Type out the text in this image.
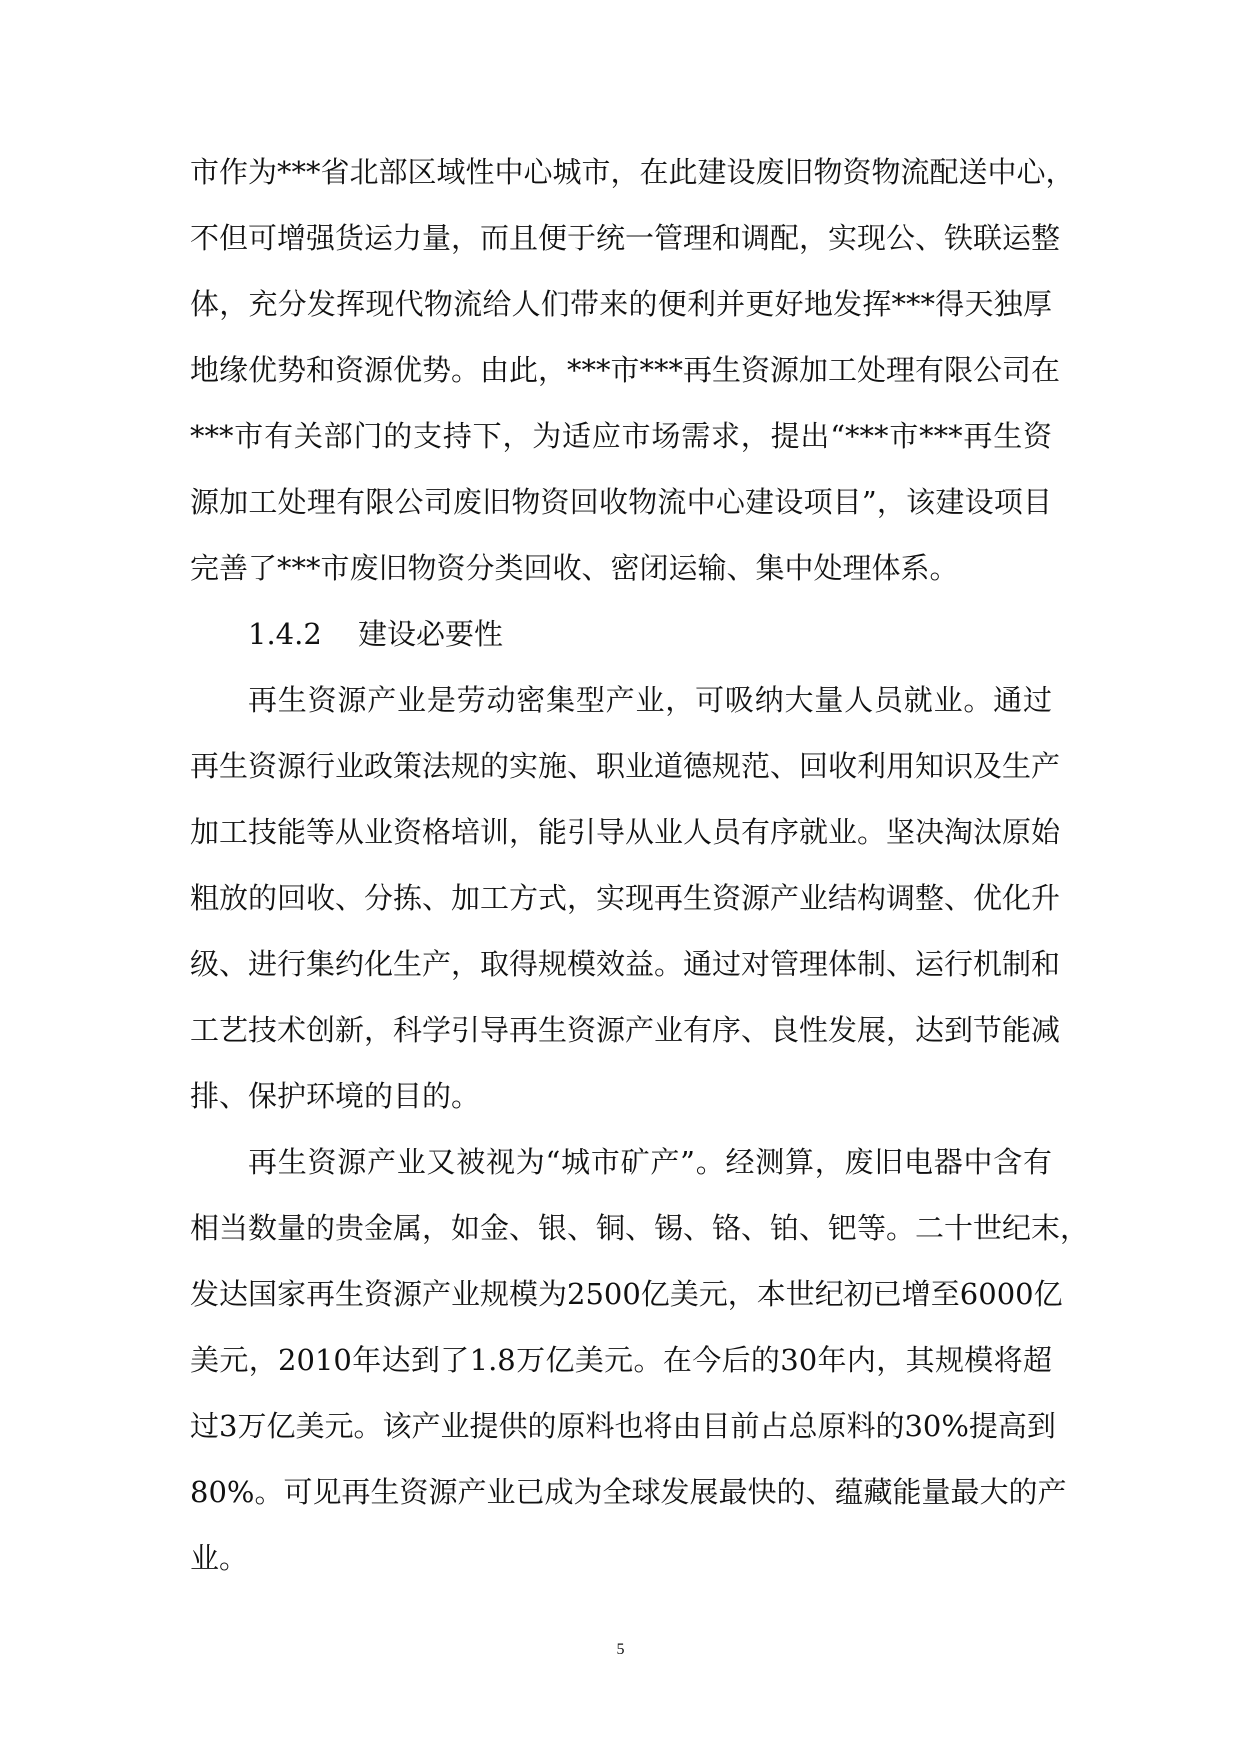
市作为***省北部区域性中心城市，在此建设废旧物资物流配送中心，
不但可增强货运力量，而且便于统一管理和调配，实现公、铁联运整
体，充分发挥现代物流给人们带来的便利并更好地发挥***得天独厚
地缘优势和资源优势。由此，***市***再生资源加工处理有限公司在
***市有关部门的支持下，为适应市场需求，提出“***市***再生资
源加工处理有限公司废旧物资回收物流中心建设项目”，该建设项目
完善了***市废旧物资分类回收、密闭运输、集中处理体系。
1.4.2 建设必要性
再生资源产业是劳动密集型产业，可吸纳大量人员就业。通过
再生资源行业政策法规的实施、职业道德规范、回收利用知识及生产
加工技能等从业资格培训，能引导从业人员有序就业。坚决淘汰原始
粗放的回收、分拣、加工方式，实现再生资源产业结构调整、优化升
级、进行集约化生产，取得规模效益。通过对管理体制、运行机制和
工艺技术创新，科学引导再生资源产业有序、良性发展，达到节能减
排、保护环境的目的。
再生资源产业又被视为“城市矿产”。经测算，废旧电器中含有
相当数量的贵金属，如金、银、铜、锡、铬、铂、钯等。二十世纪末，
发达国家再生资源产业规模为2500亿美元，本世纪初已增至6000亿
美元，2010年达到了1.8万亿美元。在今后的30年内，其规模将超
过3万亿美元。该产业提供的原料也将由目前占总原料的30%提高到
80%。可见再生资源产业已成为全球发展最快的、蕴藏能量最大的产
业。
5
